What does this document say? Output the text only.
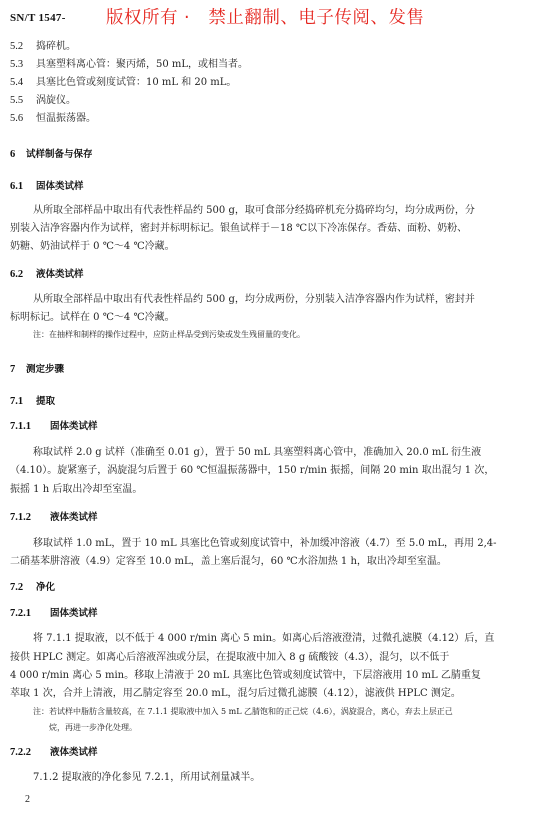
SN/T 1547- 版权所有 ·   禁止翻制、电子传阅、发售
5.2 捣碎机。
5.3 具塞塑料离心管：聚丙烯，50 mL，或相当者。
5.4 具塞比色管或刻度试管：10 mL 和 20 mL。
5.5 涡旋仪。
5.6 恒温振荡器。
6 试样制备与保存
6.1 固体类试样
从所取全部样品中取出有代表性样品约 500 g，取可食部分经捣碎机充分捣碎均匀，均分成两份，分
别装入洁净容器内作为试样，密封并标明标记。银鱼试样于－18 ℃以下冷冻保存。香菇、面粉、奶粉、
奶糖、奶油试样于 0 ℃～4 ℃冷藏。
6.2 液体类试样
从所取全部样品中取出有代表性样品约 500 g，均分成两份，分别装入洁净容器内作为试样，密封并
标明标记。试样在 0 ℃～4 ℃冷藏。
注：在抽样和制样的操作过程中，应防止样品受到污染或发生残留量的变化。
7 测定步骤
7.1 提取
7.1.1 固体类试样
称取试样 2.0 g 试样（准确至 0.01 g），置于 50 mL 具塞塑料离心管中，准确加入 20.0 mL 衍生液
（4.10）。旋紧塞子，涡旋混匀后置于 60 ℃恒温振荡器中，150 r/min 振摇，间隔 20 min 取出混匀 1 次，
振摇 1 h 后取出冷却至室温。
7.1.2 液体类试样
移取试样 1.0 mL，置于 10 mL 具塞比色管或刻度试管中，补加缓冲溶液（4.7）至 5.0 mL，再用 2,4-
二硝基苯肼溶液（4.9）定容至 10.0 mL，盖上塞后混匀，60 ℃水浴加热 1 h，取出冷却至室温。
7.2 净化
7.2.1 固体类试样
将 7.1.1 提取液，以不低于 4 000 r/min 离心 5 min。如离心后溶液澄清，过微孔滤膜（4.12）后，直
接供 HPLC 测定。如离心后溶液浑浊或分层，在提取液中加入 8 g 硫酸铵（4.3），混匀，以不低于
4 000 r/min 离心 5 min。移取上清液于 20 mL 具塞比色管或刻度试管中，下层溶液用 10 mL 乙腈重复
萃取 1 次，合并上清液，用乙腈定容至 20.0 mL，混匀后过微孔滤膜（4.12），滤液供 HPLC 测定。
注：若试样中脂肪含量较高，在 7.1.1 提取液中加入 5 mL 乙腈饱和的正己烷（4.6），涡旋混合，离心，弃去上层正己
烷，再进一步净化处理。
7.2.2 液体类试样
7.1.2 提取液的净化参见 7.2.1，所用试剂量减半。
2
